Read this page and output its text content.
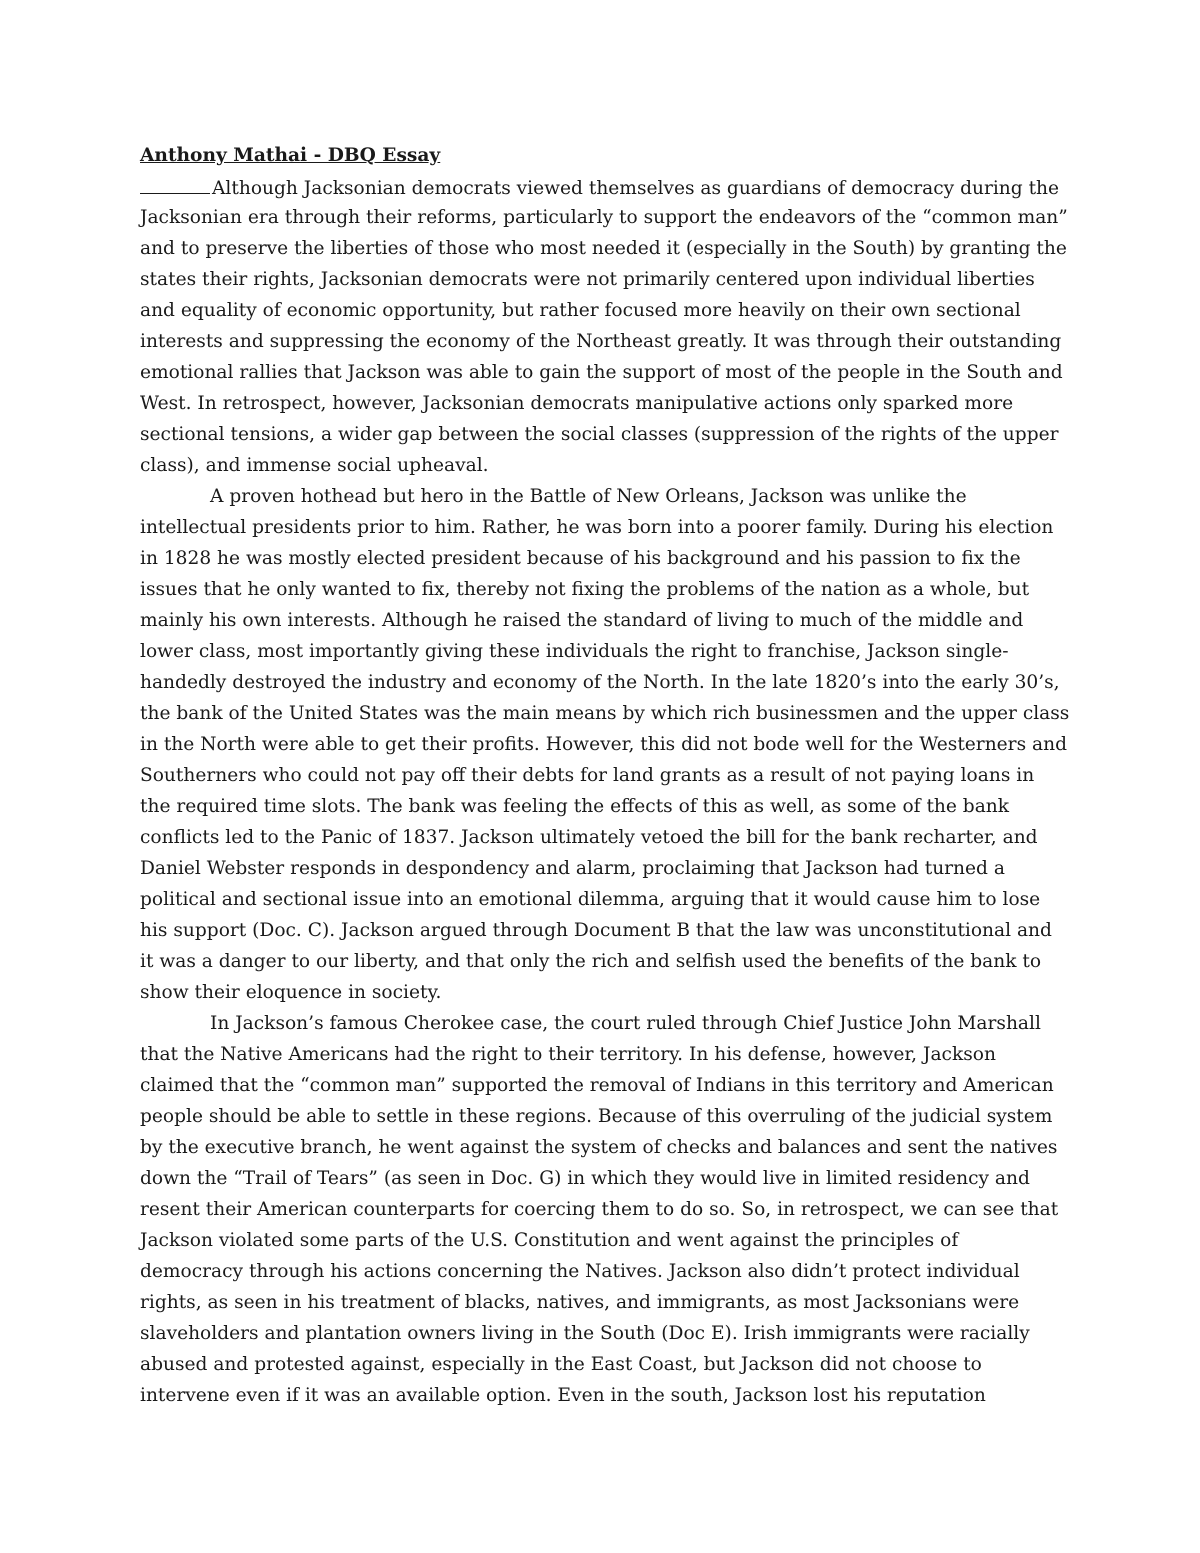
Anthony Mathai - DBQ Essay

Although Jacksonian democrats viewed themselves as guardians of democracy during the
Jacksonian era through their reforms, particularly to support the endeavors of the “common man”
and to preserve the liberties of those who most needed it (especially in the South) by granting the
states their rights, Jacksonian democrats were not primarily centered upon individual liberties
and equality of economic opportunity, but rather focused more heavily on their own sectional
interests and suppressing the economy of the Northeast greatly. It was through their outstanding
emotional rallies that Jackson was able to gain the support of most of the people in the South and
West. In retrospect, however, Jacksonian democrats manipulative actions only sparked more
sectional tensions, a wider gap between the social classes (suppression of the rights of the upper
class), and immense social upheaval.

A proven hothead but hero in the Battle of New Orleans, Jackson was unlike the
intellectual presidents prior to him. Rather, he was born into a poorer family. During his election
in 1828 he was mostly elected president because of his background and his passion to fix the
issues that he only wanted to fix, thereby not fixing the problems of the nation as a whole, but
mainly his own interests. Although he raised the standard of living to much of the middle and
lower class, most importantly giving these individuals the right to franchise, Jackson single-
handedly destroyed the industry and economy of the North. In the late 1820’s into the early 30’s,
the bank of the United States was the main means by which rich businessmen and the upper class
in the North were able to get their profits. However, this did not bode well for the Westerners and
Southerners who could not pay off their debts for land grants as a result of not paying loans in
the required time slots. The bank was feeling the effects of this as well, as some of the bank
conflicts led to the Panic of 1837. Jackson ultimately vetoed the bill for the bank recharter, and
Daniel Webster responds in despondency and alarm, proclaiming that Jackson had turned a
political and sectional issue into an emotional dilemma, arguing that it would cause him to lose
his support (Doc. C). Jackson argued through Document B that the law was unconstitutional and
it was a danger to our liberty, and that only the rich and selfish used the benefits of the bank to
show their eloquence in society.

In Jackson’s famous Cherokee case, the court ruled through Chief Justice John Marshall
that the Native Americans had the right to their territory. In his defense, however, Jackson
claimed that the “common man” supported the removal of Indians in this territory and American
people should be able to settle in these regions. Because of this overruling of the judicial system
by the executive branch, he went against the system of checks and balances and sent the natives
down the “Trail of Tears” (as seen in Doc. G) in which they would live in limited residency and
resent their American counterparts for coercing them to do so. So, in retrospect, we can see that
Jackson violated some parts of the U.S. Constitution and went against the principles of
democracy through his actions concerning the Natives. Jackson also didn’t protect individual
rights, as seen in his treatment of blacks, natives, and immigrants, as most Jacksonians were
slaveholders and plantation owners living in the South (Doc E). Irish immigrants were racially
abused and protested against, especially in the East Coast, but Jackson did not choose to
intervene even if it was an available option. Even in the south, Jackson lost his reputation
